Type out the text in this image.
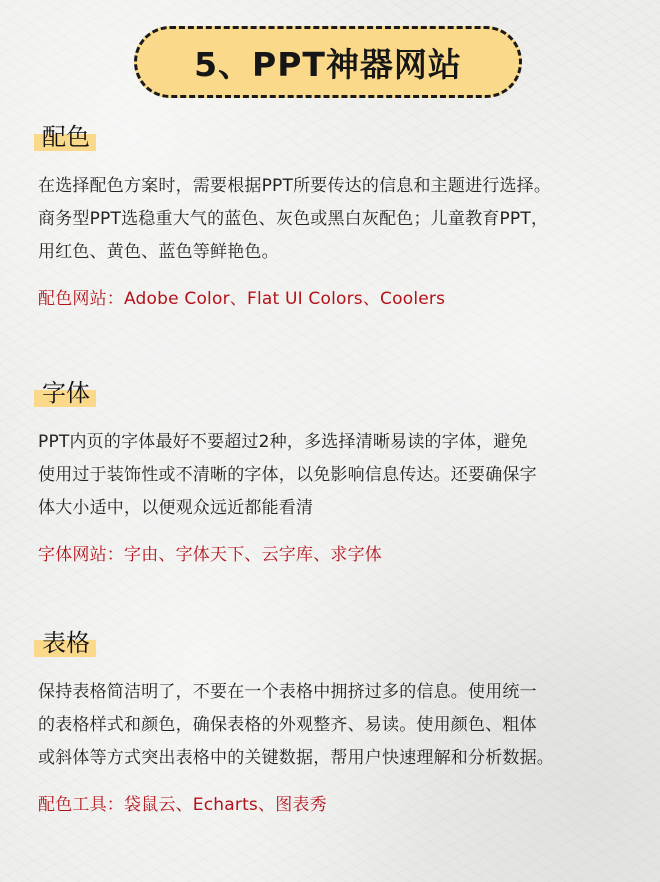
5、PPT神器网站
配色
在选择配色方案时，需要根据PPT所要传达的信息和主题进行选择。
商务型PPT选稳重大气的蓝色、灰色或黑白灰配色；儿童教育PPT，
用红色、黄色、蓝色等鲜艳色。
配色网站：Adobe Color、Flat UI Colors、Coolers
字体
PPT内页的字体最好不要超过2种，多选择清晰易读的字体，避免
使用过于装饰性或不清晰的字体，以免影响信息传达。还要确保字
体大小适中，以便观众远近都能看清
字体网站：字由、字体天下、云字库、求字体
表格
保持表格简洁明了，不要在一个表格中拥挤过多的信息。使用统一
的表格样式和颜色，确保表格的外观整齐、易读。使用颜色、粗体
或斜体等方式突出表格中的关键数据，帮用户快速理解和分析数据。
配色工具：袋鼠云、Echarts、图表秀
